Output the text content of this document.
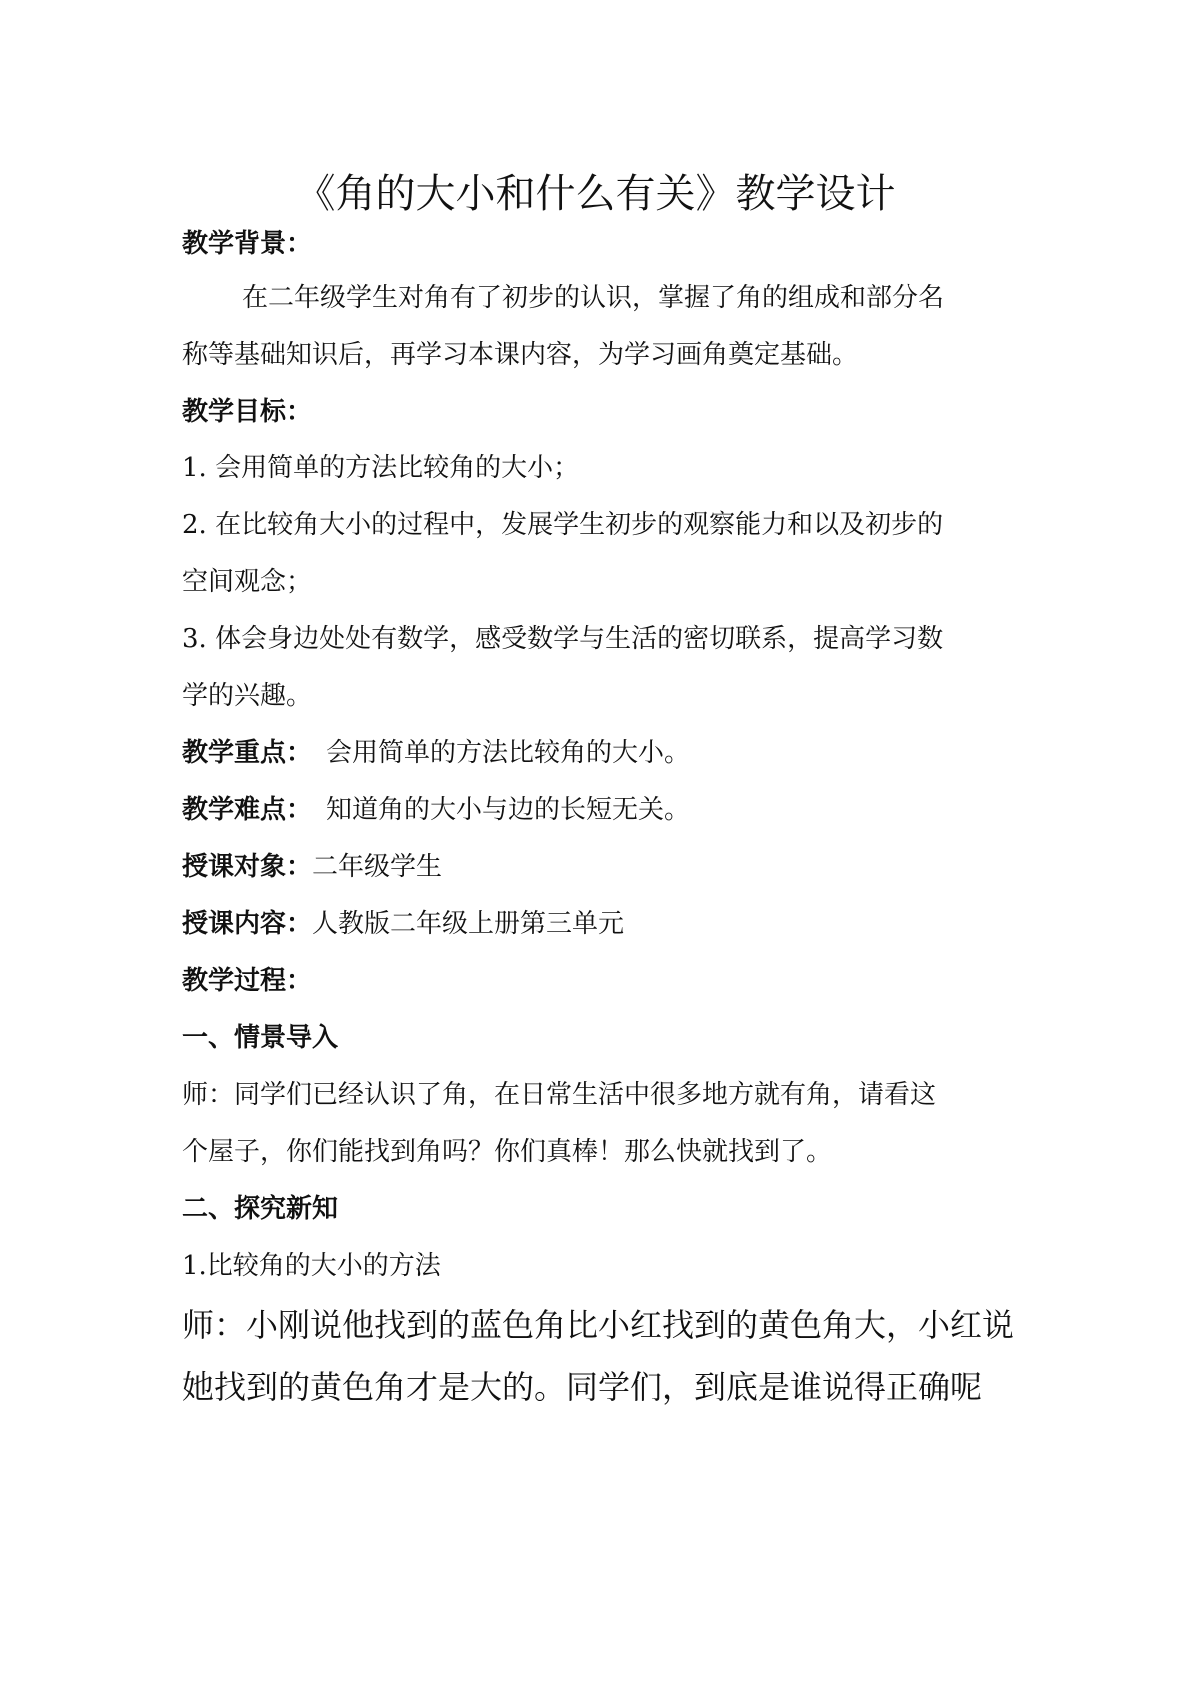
《角的大小和什么有关》教学设计
教学背景：
在二年级学生对角有了初步的认识，掌握了角的组成和部分名
称等基础知识后，再学习本课内容，为学习画角奠定基础。
教学目标：
1. 会用简单的方法比较角的大小；
2. 在比较角大小的过程中，发展学生初步的观察能力和以及初步的
空间观念；
3. 体会身边处处有数学，感受数学与生活的密切联系，提高学习数
学的兴趣。
教学重点： 会用简单的方法比较角的大小。
教学难点： 知道角的大小与边的长短无关。
授课对象：二年级学生
授课内容：人教版二年级上册第三单元
教学过程：
一、情景导入
师：同学们已经认识了角，在日常生活中很多地方就有角，请看这
个屋子，你们能找到角吗？你们真棒！那么快就找到了。
二、探究新知
1.比较角的大小的方法
师：小刚说他找到的蓝色角比小红找到的黄色角大，小红说
她找到的黄色角才是大的。同学们，到底是谁说得正确呢
